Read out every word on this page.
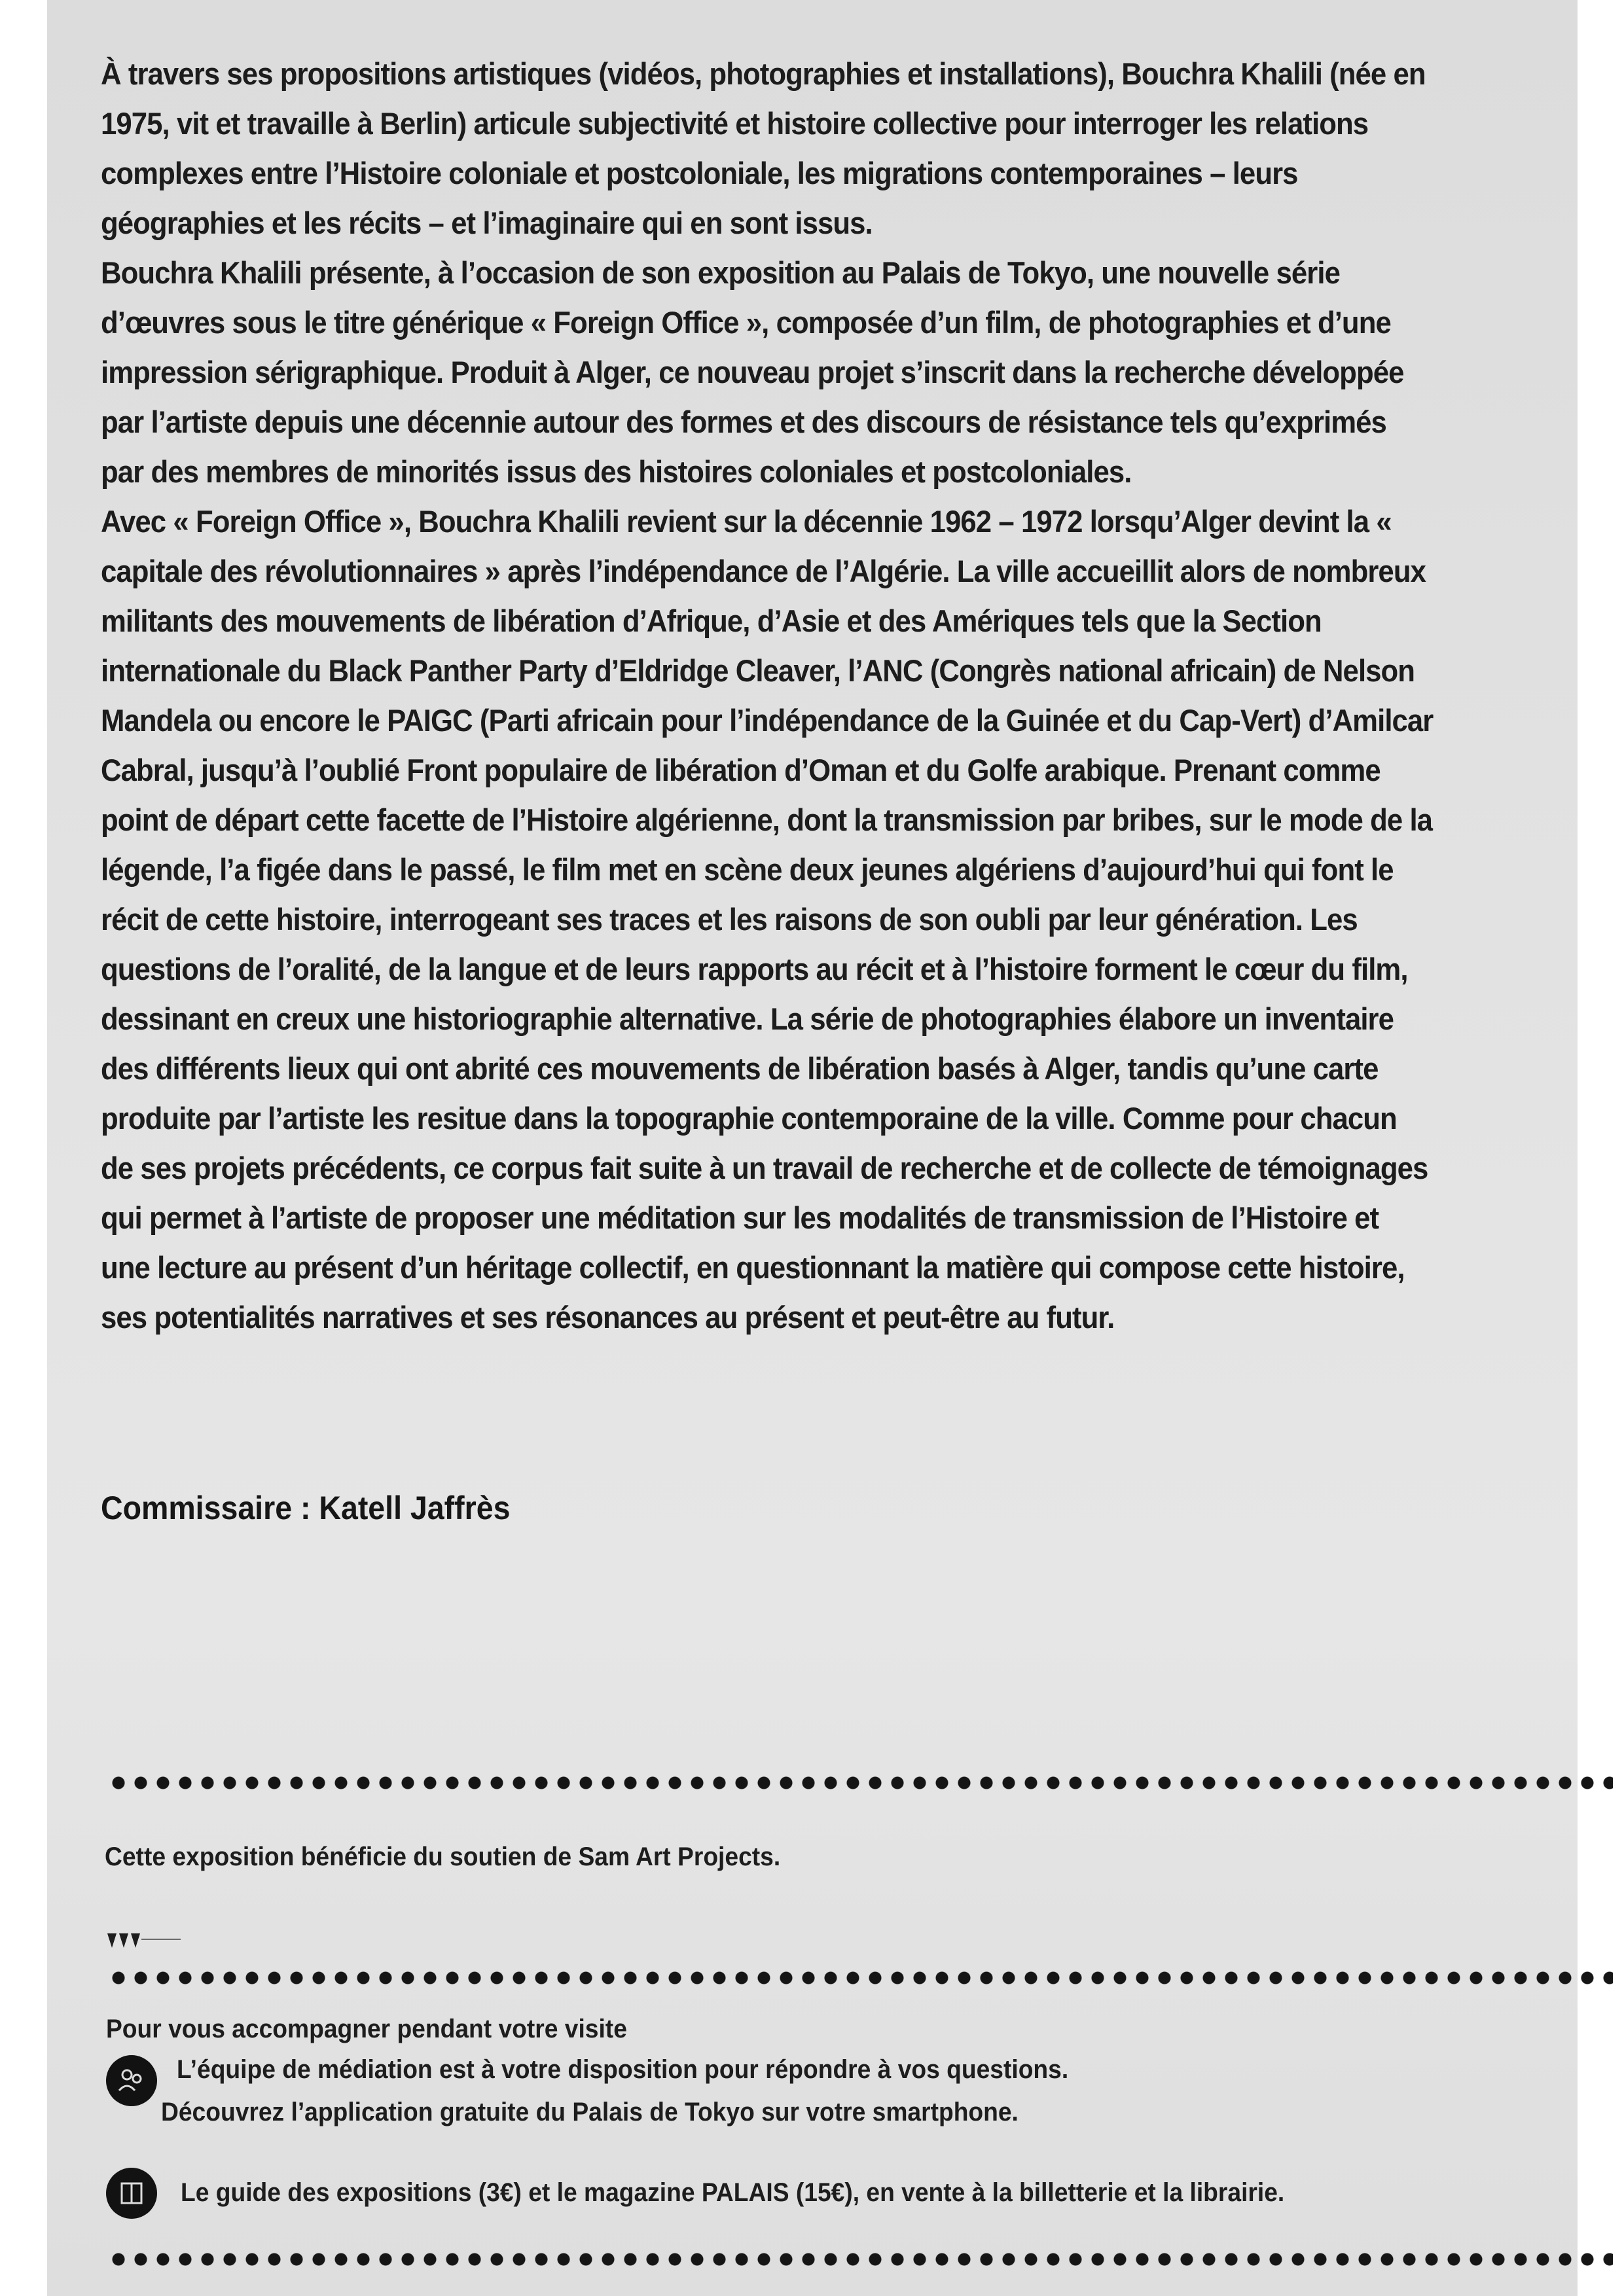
À travers ses propositions artistiques (vidéos, photographies et installations), Bouchra Khalili (née en 1975, vit et travaille à Berlin) articule subjectivité et histoire collective pour interroger les relations complexes entre l’Histoire coloniale et postcoloniale, les migrations contemporaines – leurs géographies et les récits – et l’imaginaire qui en sont issus.

Bouchra Khalili présente, à l’occasion de son exposition au Palais de Tokyo, une nouvelle série d’œuvres sous le titre générique « Foreign Office », composée d’un film, de photographies et d’une impression sérigraphique. Produit à Alger, ce nouveau projet s’inscrit dans la recherche développée par l’artiste depuis une décennie autour des formes et des discours de résistance tels qu’exprimés par des membres de minorités issus des histoires coloniales et postcoloniales.

Avec « Foreign Office », Bouchra Khalili revient sur la décennie 1962 – 1972 lorsqu’Alger devint la « capitale des révolutionnaires » après l’indépendance de l’Algérie. La ville accueillit alors de nombreux militants des mouvements de libération d’Afrique, d’Asie et des Amériques tels que la Section internationale du Black Panther Party d’Eldridge Cleaver, l’ANC (Congrès national africain) de Nelson Mandela ou encore le PAIGC (Parti africain pour l’indépendance de la Guinée et du Cap-Vert) d’Amilcar Cabral, jusqu’à l’oublié Front populaire de libération d’Oman et du Golfe arabique. Prenant comme point de départ cette facette de l’Histoire algérienne, dont la transmission par bribes, sur le mode de la légende, l’a figée dans le passé, le film met en scène deux jeunes algériens d’aujourd’hui qui font le récit de cette histoire, interrogeant ses traces et les raisons de son oubli par leur génération. Les questions de l’oralité, de la langue et de leurs rapports au récit et à l’histoire forment le cœur du film, dessinant en creux une historiographie alternative. La série de photographies élabore un inventaire des différents lieux qui ont abrité ces mouvements de libération basés à Alger, tandis qu’une carte produite par l’artiste les resitue dans la topographie contemporaine de la ville. Comme pour chacun de ses projets précédents, ce corpus fait suite à un travail de recherche et de collecte de témoignages qui permet à l’artiste de proposer une méditation sur les modalités de transmission de l’Histoire et une lecture au présent d’un héritage collectif, en questionnant la matière qui compose cette histoire, ses potentialités narratives et ses résonances au présent et peut-être au futur.

Commissaire : Katell Jaffrès
Cette exposition bénéficie du soutien de Sam Art Projects.
Pour vous accompagner pendant votre visite
L’équipe de médiation est à votre disposition pour répondre à vos questions.
Découvrez l’application gratuite du Palais de Tokyo sur votre smartphone.
Le guide des expositions (3€) et le magazine PALAIS (15€), en vente à la billetterie et la librairie.
